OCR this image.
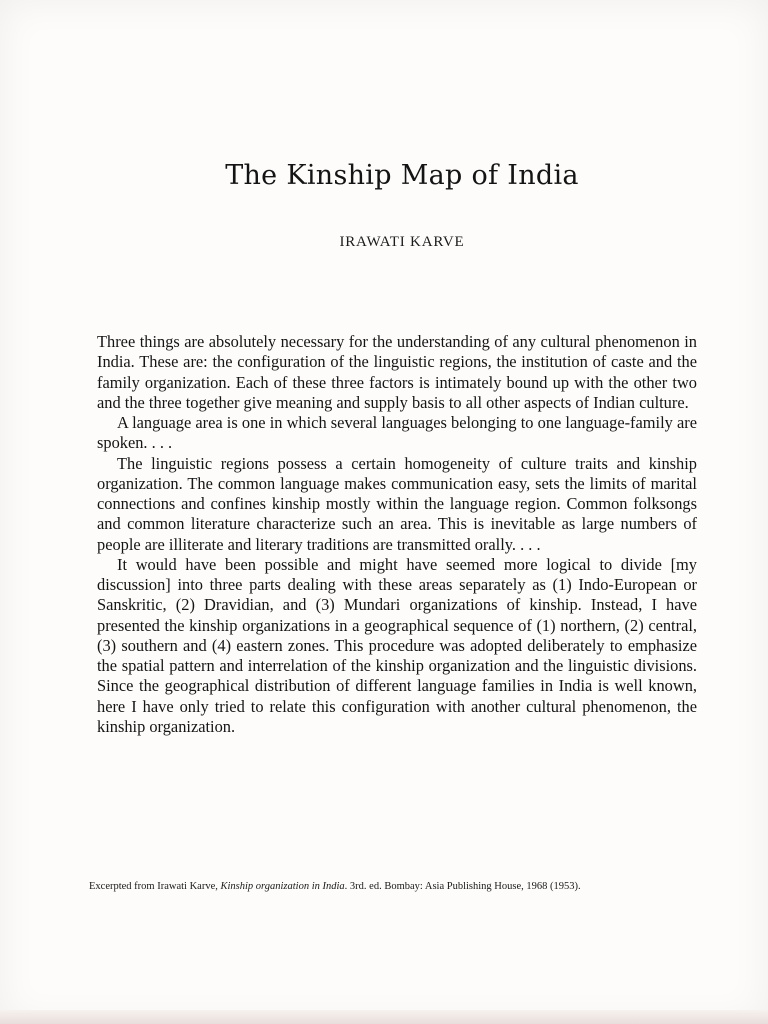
The Kinship Map of India
IRAWATI KARVE

Three things are absolutely necessary for the understanding of any cultural phenomenon in India. These are: the configuration of the linguistic regions, the institution of caste and the family organization. Each of these three factors is intimately bound up with the other two and the three together give meaning and supply basis to all other aspects of Indian culture.

A language area is one in which several languages belonging to one language-family are spoken. . . .

The linguistic regions possess a certain homogeneity of culture traits and kinship organization. The common language makes communication easy, sets the limits of marital connections and confines kinship mostly within the language region. Common folksongs and common literature characterize such an area. This is inevitable as large numbers of people are illiterate and literary traditions are transmitted orally. . . .

It would have been possible and might have seemed more logical to divide [my discussion] into three parts dealing with these areas separately as (1) Indo-European or Sanskritic, (2) Dravidian, and (3) Mundari organizations of kinship. Instead, I have presented the kinship organizations in a geographical sequence of (1) northern, (2) central, (3) southern and (4) eastern zones. This procedure was adopted deliberately to emphasize the spatial pattern and interrelation of the kinship organization and the linguistic divisions. Since the geographical distribution of different language families in India is well known, here I have only tried to relate this configuration with another cultural phenomenon, the kinship organization.

Excerpted from Irawati Karve, Kinship organization in India. 3rd. ed. Bombay: Asia Publishing House, 1968 (1953).
